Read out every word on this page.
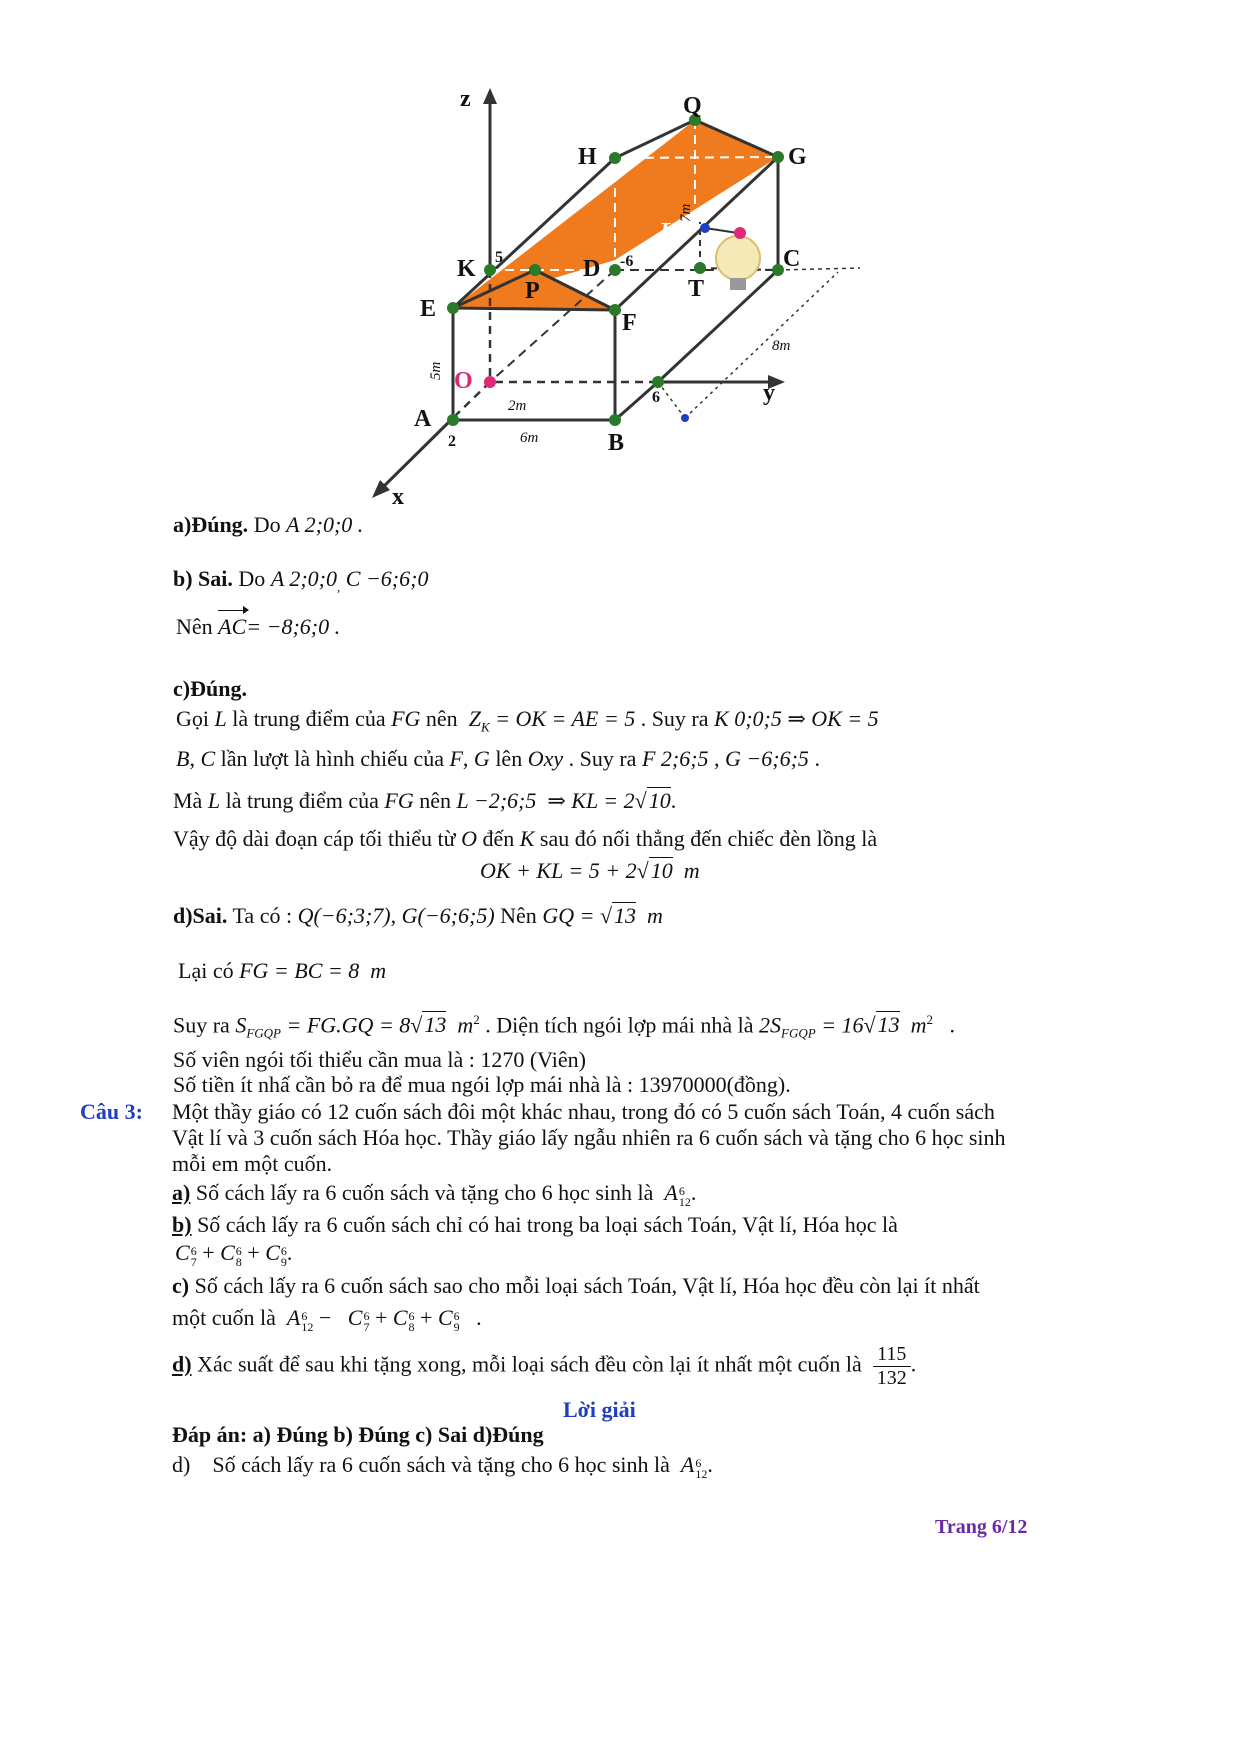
z
y
x
Q
H	G
K	D	C
P	T
E
F
O
A
B
L
5	-6
6
2
7m
8m
5m
2m
6m
a)Đúng. Do A 2;0;0 .
b) Sai. Do A $2;0;0_,$ C −6;6;0
Nên AC= −8;6;0 .
c)Đúng.
Gọi L là trung điểm của FG nên $Z_K$ = OK = AE = 5 . Suy ra K 0;0;5 ⇒ OK = 5
B, C lần lượt là hình chiếu của F, G lên Oxy . Suy ra F 2;6;5 , G −6;6;5 .
Mà L là trung điểm của FG nên L −2;6;5 ⇒ KL = 2√10.
Vậy độ dài đoạn cáp tối thiểu từ O đến K sau đó nối thẳng đến chiếc đèn lồng là
OK + KL = 5 + 2√10 m
d)Sai. Ta có : Q(−6;3;7), G(−6;6;5) Nên GQ = √13 m
Lại có FG = BC = 8 m
Suy ra $S_{FGQP} = FG.GQ = 8√13$ $m^2$ . Diện tích ngói lợp mái nhà là $2S_{FGQP} = 16√13$ $m^2$ .
Số viên ngói tối thiểu cần mua là : 1270 (Viên)
Số tiền ít nhấ cần bỏ ra để mua ngói lợp mái nhà là : 13970000(đồng).
Câu 3: Một thầy giáo có 12 cuốn sách đôi một khác nhau, trong đó có 5 cuốn sách Toán, 4 cuốn sách
Vật lí và 3 cuốn sách Hóa học. Thầy giáo lấy ngẫu nhiên ra 6 cuốn sách và tặng cho 6 học sinh
mỗi em một cuốn.
a) Số cách lấy ra 6 cuốn sách và tặng cho 6 học sinh là A 6
12 .
b) Số cách lấy ra 6 cuốn sách chỉ có hai trong ba loại sách Toán, Vật lí, Hóa học là
C 6
7 + C 6
8 + C 6
9 .
c) Số cách lấy ra 6 cuốn sách sao cho mỗi loại sách Toán, Vật lí, Hóa học đều còn lại ít nhất
một cuốn là A 6
12 − C 6
7 + C 6
8 + C 6
9 .
d) Xác suất để sau khi tặng xong, mỗi loại sách đều còn lại ít nhất một cuốn là $\frac{115}{132}$ .
Lời giải
Đáp án: a) Đúng b) Đúng c) Sai d)Đúng
d) Số cách lấy ra 6 cuốn sách và tặng cho 6 học sinh là A 6
12 .
Trang 6/12
